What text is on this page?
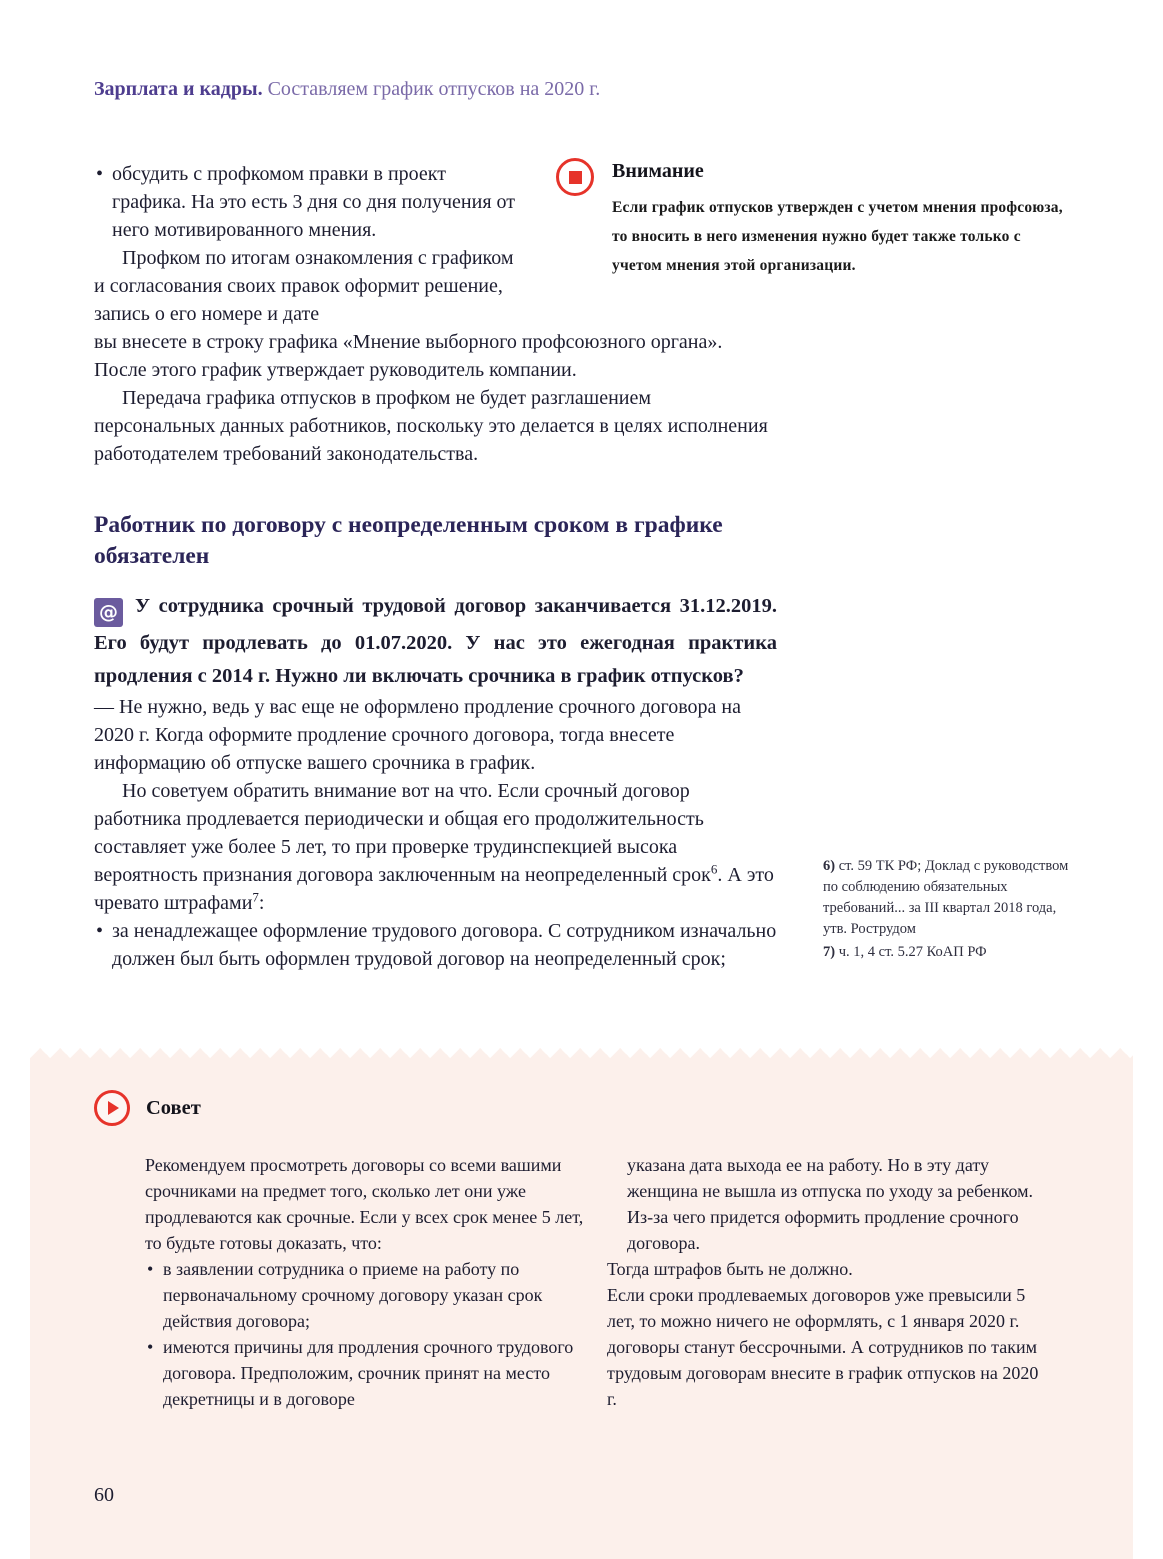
Зарплата и кадры. Составляем график отпусков на 2020 г.
Внимание
Если график отпусков утвержден с учетом мнения профсоюза, то вносить в него изменения нужно будет также только с учетом мнения этой организации.

• обсудить с профкомом правки в проект графика. На это есть 3 дня со дня получения от него мотивированного мнения.

Профком по итогам ознакомления с графиком и согласования своих правок оформит решение, запись о его номере и дате

вы внесете в строку графика «Мнение выборного профсоюзного органа». После этого график утверждает руководитель компании.

Передача графика отпусков в профком не будет разглашением персональных данных работников, поскольку это делается в целях исполнения работодателем требований законодательства.

Работник по договору с неопределенным сроком в графике обязателен

@ У сотрудника срочный трудовой договор заканчивается 31.12.2019. Его будут продлевать до 01.07.2020. У нас это ежегодная практика продления с 2014 г. Нужно ли включать срочника в график отпусков?

— Не нужно, ведь у вас еще не оформлено продление срочного договора на 2020 г. Когда оформите продление срочного договора, тогда внесете информацию об отпуске вашего срочника в график.

Но советуем обратить внимание вот на что. Если срочный договор работника продлевается периодически и общая его продолжительность составляет уже более 5 лет, то при проверке трудинспекцией высока вероятность признания договора заключенным на неопределенный срок$^6$. А это чревато штрафами$^7$:

• за ненадлежащее оформление трудового договора. С сотрудником изначально должен был быть оформлен трудовой договор на неопределенный срок;

6) ст. 59 ТК РФ; Доклад с руководством по соблюдению обязательных требований... за III квартал 2018 года, утв. Рострудом

7) ч. 1, 4 ст. 5.27 КоАП РФ

Совет

Рекомендуем просмотреть договоры со всеми вашими срочниками на предмет того, сколько лет они уже продлеваются как срочные. Если у всех срок менее 5 лет, то будьте готовы доказать, что:

• в заявлении сотрудника о приеме на работу по первоначальному срочному договору указан срок действия договора;

• имеются причины для продления срочного трудового договора. Предположим, срочник принят на место декретницы и в договоре

указана дата выхода ее на работу. Но в эту дату женщина не вышла из отпуска по уходу за ребенком. Из-за чего придется оформить продление срочного договора.

Тогда штрафов быть не должно.

Если сроки продлеваемых договоров уже превысили 5 лет, то можно ничего не оформлять, с 1 января 2020 г. договоры станут бессрочными. А сотрудников по таким трудовым договорам внесите в график отпусков на 2020 г.

60
